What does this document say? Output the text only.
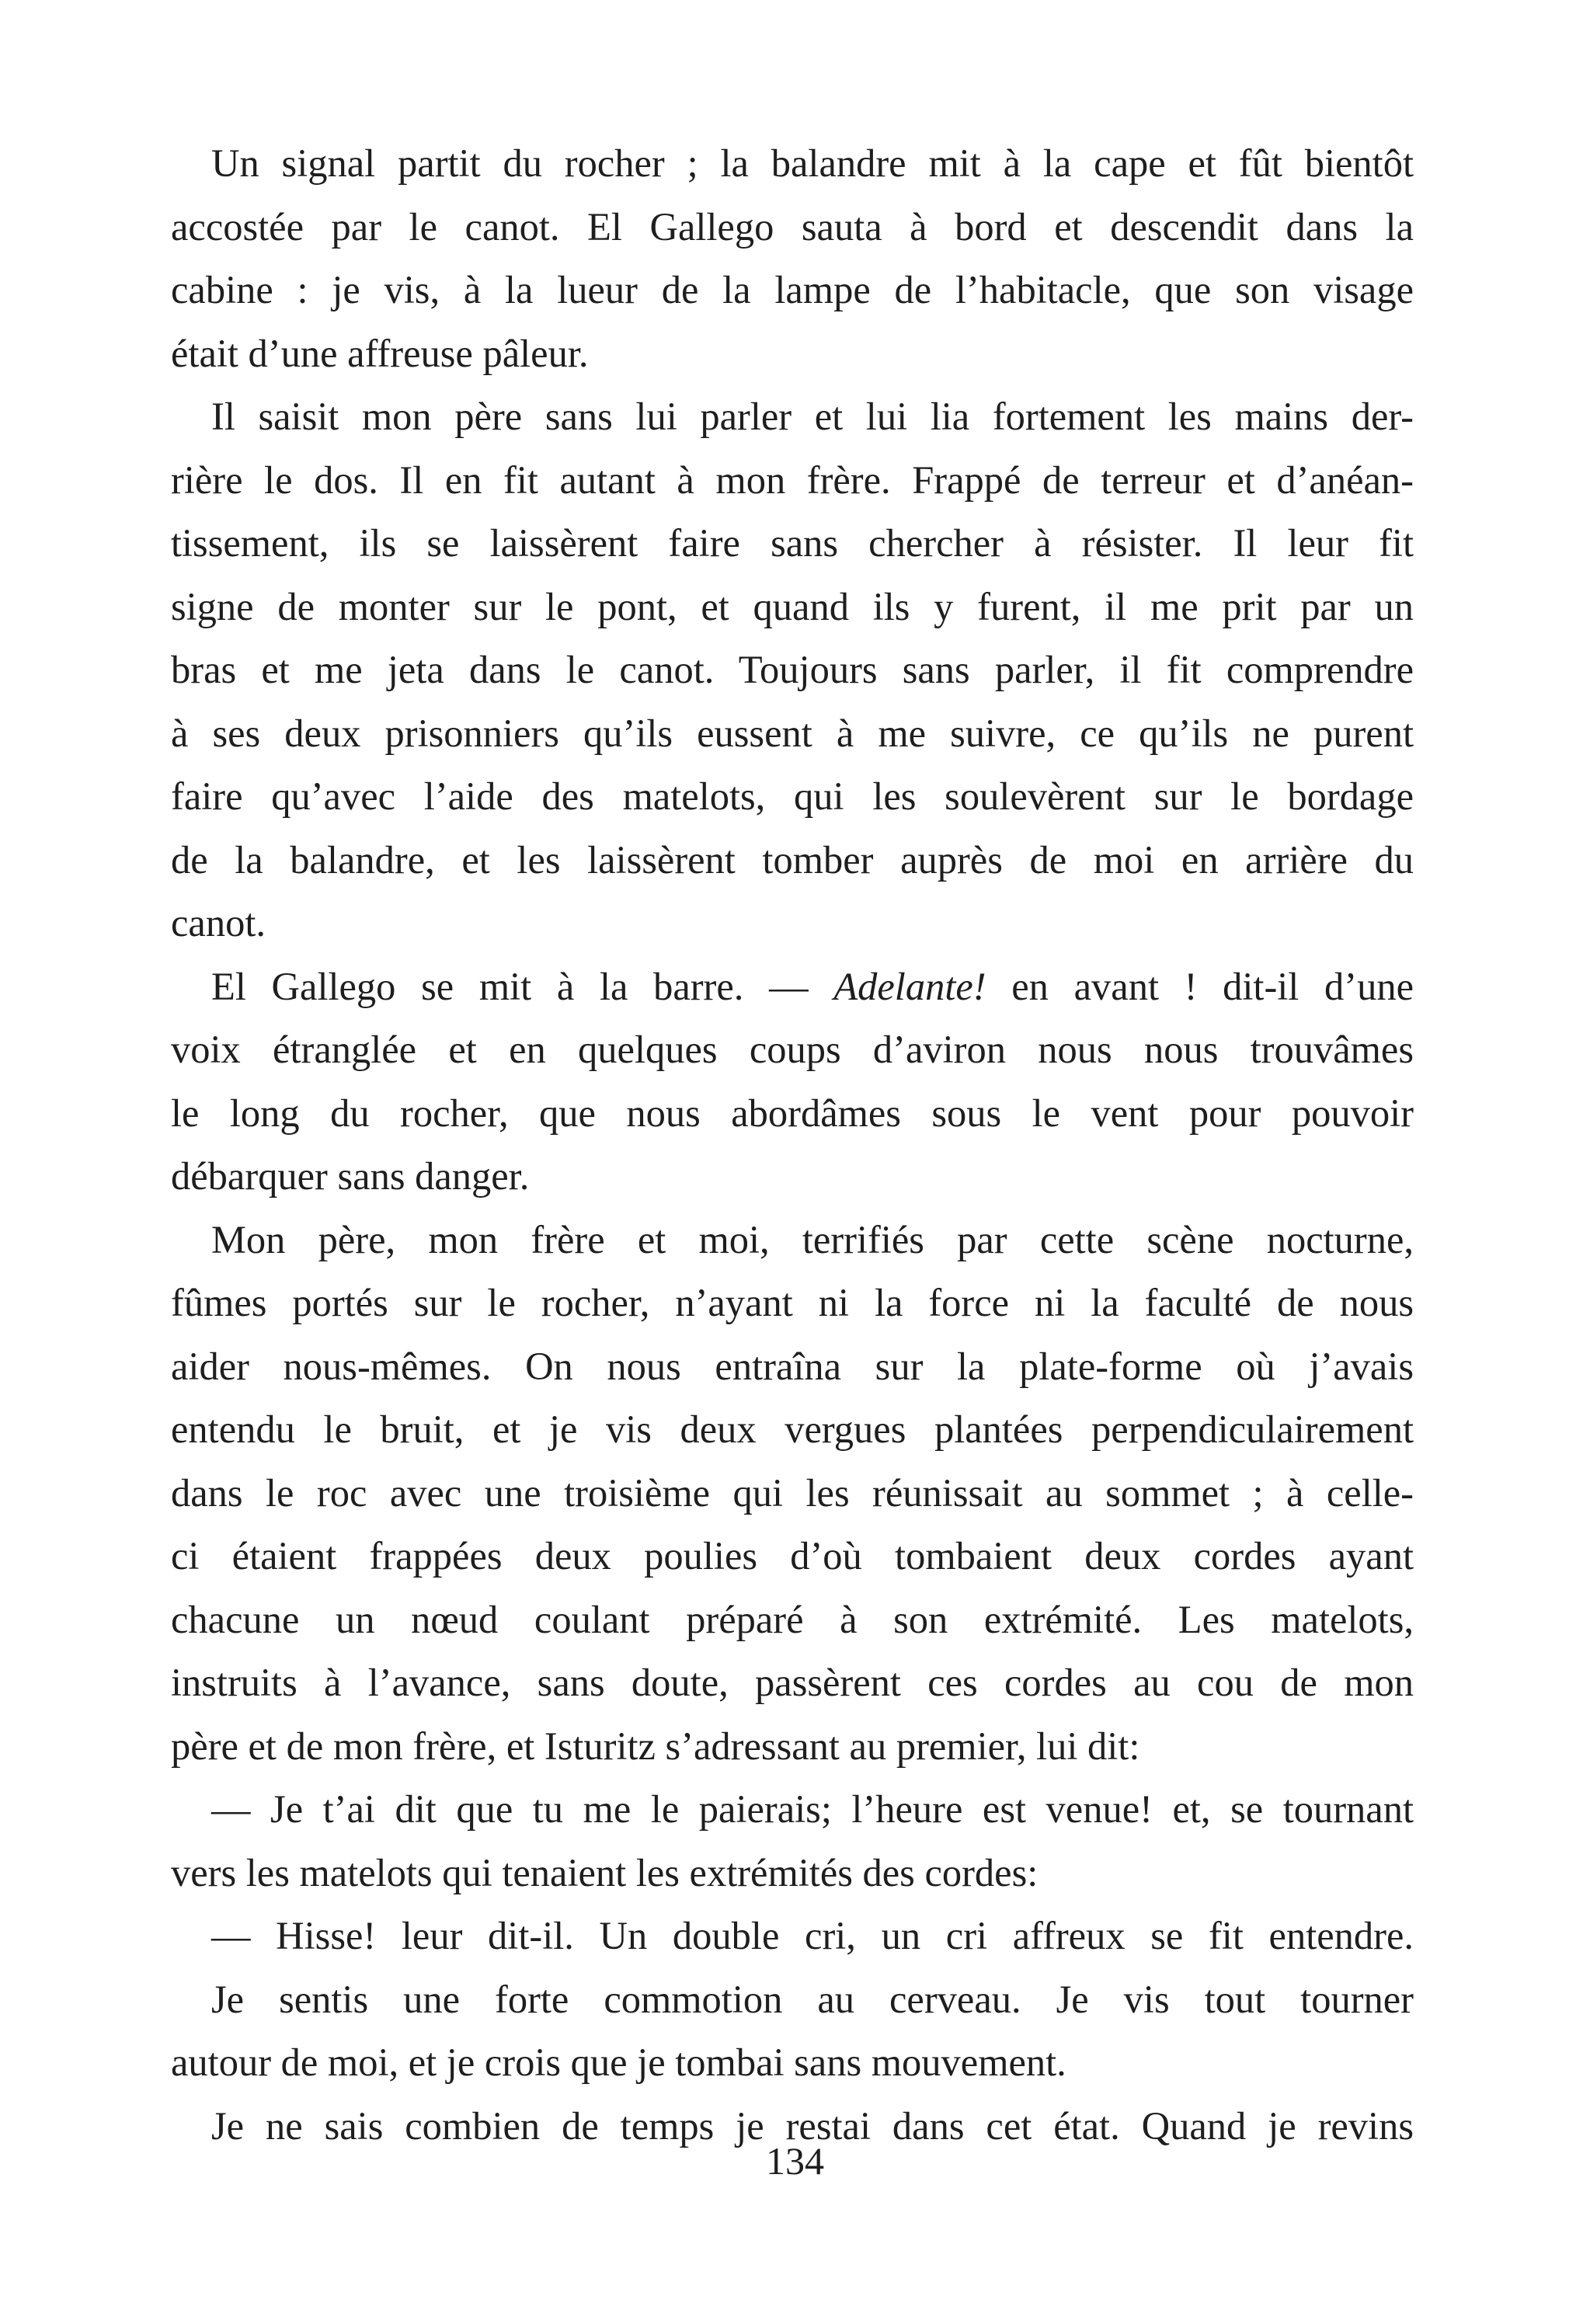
Un signal partit du rocher ; la balandre mit à la cape et fût bientôt
accostée par le canot. El Gallego sauta à bord et descendit dans la
cabine : je vis, à la lueur de la lampe de l’habitacle, que son visage
était d’une affreuse pâleur.

Il saisit mon père sans lui parler et lui lia fortement les mains der-
rière le dos. Il en fit autant à mon frère. Frappé de terreur et d’anéan-
tissement, ils se laissèrent faire sans chercher à résister. Il leur fit
signe de monter sur le pont, et quand ils y furent, il me prit par un
bras et me jeta dans le canot. Toujours sans parler, il fit comprendre
à ses deux prisonniers qu’ils eussent à me suivre, ce qu’ils ne purent
faire qu’avec l’aide des matelots, qui les soulevèrent sur le bordage
de la balandre, et les laissèrent tomber auprès de moi en arrière du
canot.

El Gallego se mit à la barre. — Adelante! en avant ! dit-il d’une
voix étranglée et en quelques coups d’aviron nous nous trouvâmes
le long du rocher, que nous abordâmes sous le vent pour pouvoir
débarquer sans danger.

Mon père, mon frère et moi, terrifiés par cette scène nocturne,
fûmes portés sur le rocher, n’ayant ni la force ni la faculté de nous
aider nous-mêmes. On nous entraîna sur la plate-forme où j’avais
entendu le bruit, et je vis deux vergues plantées perpendiculairement
dans le roc avec une troisième qui les réunissait au sommet ; à celle-
ci étaient frappées deux poulies d’où tombaient deux cordes ayant
chacune un nœud coulant préparé à son extrémité. Les matelots,
instruits à l’avance, sans doute, passèrent ces cordes au cou de mon
père et de mon frère, et Isturitz s’adressant au premier, lui dit:

— Je t’ai dit que tu me le paierais; l’heure est venue! et, se tournant
vers les matelots qui tenaient les extrémités des cordes:

— Hisse! leur dit-il. Un double cri, un cri affreux se fit entendre.

Je sentis une forte commotion au cerveau. Je vis tout tourner
autour de moi, et je crois que je tombai sans mouvement.

Je ne sais combien de temps je restai dans cet état. Quand je revins

134
